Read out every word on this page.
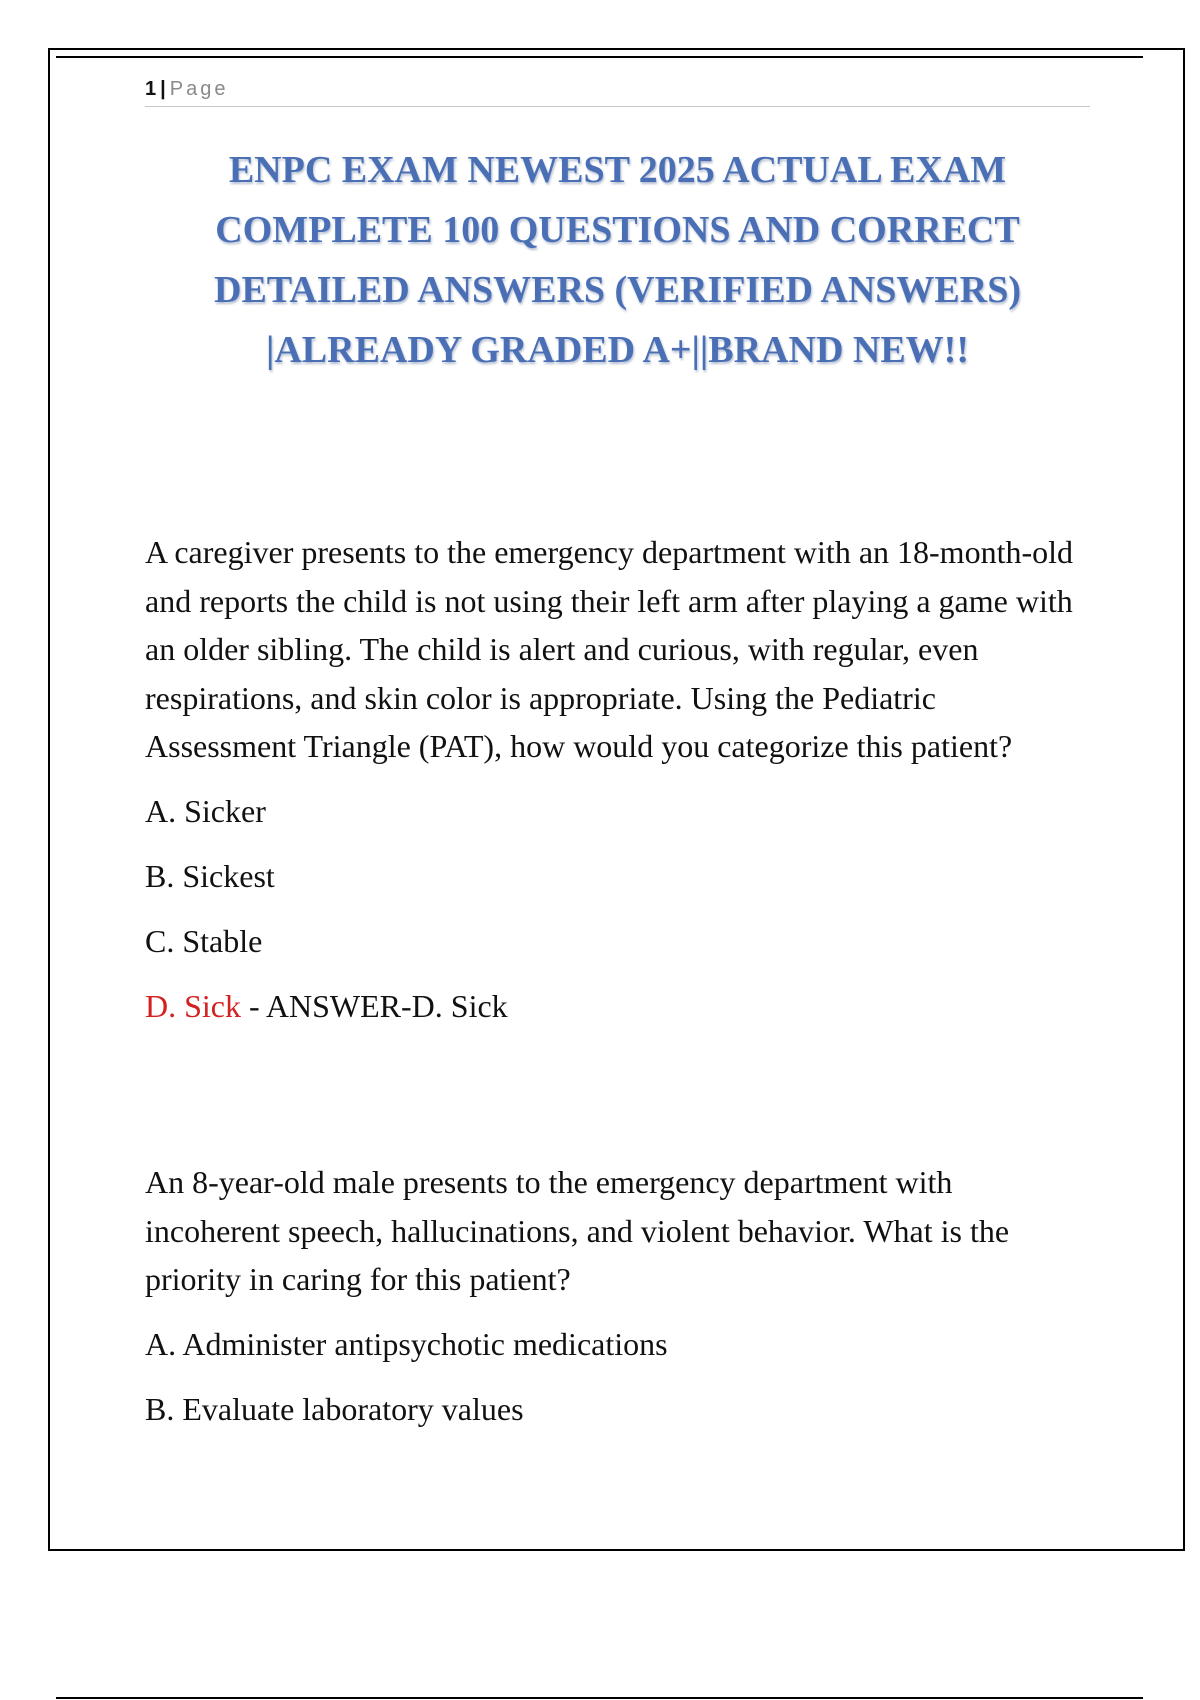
1 | Page
ENPC EXAM NEWEST 2025 ACTUAL EXAM
COMPLETE 100 QUESTIONS AND CORRECT
DETAILED ANSWERS (VERIFIED ANSWERS)
|ALREADY GRADED A+||BRAND NEW!!

A caregiver presents to the emergency department with an 18-month-old and reports the child is not using their left arm after playing a game with an older sibling. The child is alert and curious, with regular, even respirations, and skin color is appropriate. Using the Pediatric Assessment Triangle (PAT), how would you categorize this patient?

A. Sicker

B. Sickest

C. Stable

D. Sick - ANSWER-D. Sick

An 8-year-old male presents to the emergency department with incoherent speech, hallucinations, and violent behavior. What is the priority in caring for this patient?

A. Administer antipsychotic medications

B. Evaluate laboratory values
